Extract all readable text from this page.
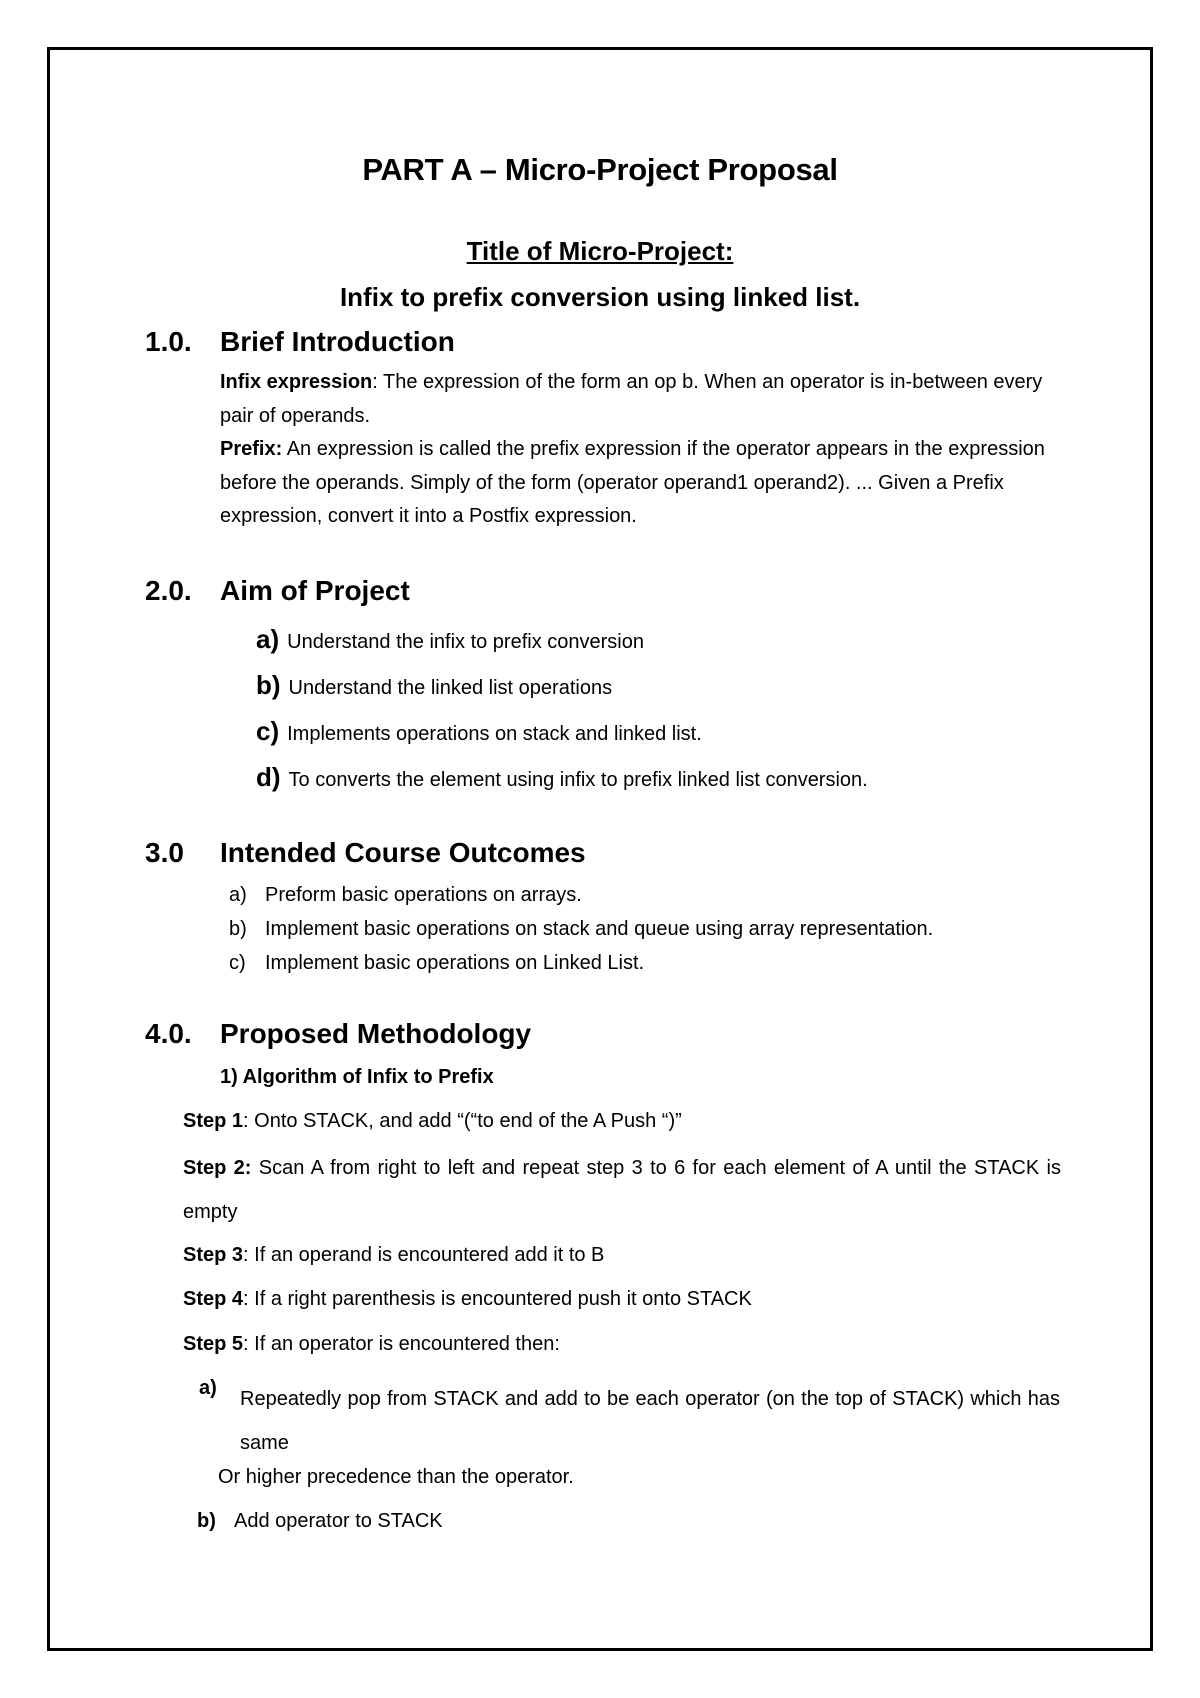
PART A – Micro-Project Proposal
Title of Micro-Project:
Infix to prefix conversion using linked list.
1.0. Brief Introduction

Infix expression: The expression of the form an op b. When an operator is in-between every pair of operands.

Prefix: An expression is called the prefix expression if the operator appears in the expression before the operands. Simply of the form (operator operand1 operand2). ... Given a Prefix expression, convert it into a Postfix expression.

2.0. Aim of Project
a) Understand the infix to prefix conversion
b) Understand the linked list operations
c) Implements operations on stack and linked list.
d) To converts the element using infix to prefix linked list conversion.
3.0 Intended Course Outcomes
a) Preform basic operations on arrays.
b) Implement basic operations on stack and queue using array representation.
c) Implement basic operations on Linked List.
4.0. Proposed Methodology
1) Algorithm of Infix to Prefix
Step 1: Onto STACK, and add “(“to end of the A Push “)”
Step 2: Scan A from right to left and repeat step 3 to 6 for each element of A until the STACK is empty
Step 3: If an operand is encountered add it to B
Step 4: If a right parenthesis is encountered push it onto STACK
Step 5: If an operator is encountered then:
a) Repeatedly pop from STACK and add to be each operator (on the top of STACK) which has same
Or higher precedence than the operator.
b) Add operator to STACK
